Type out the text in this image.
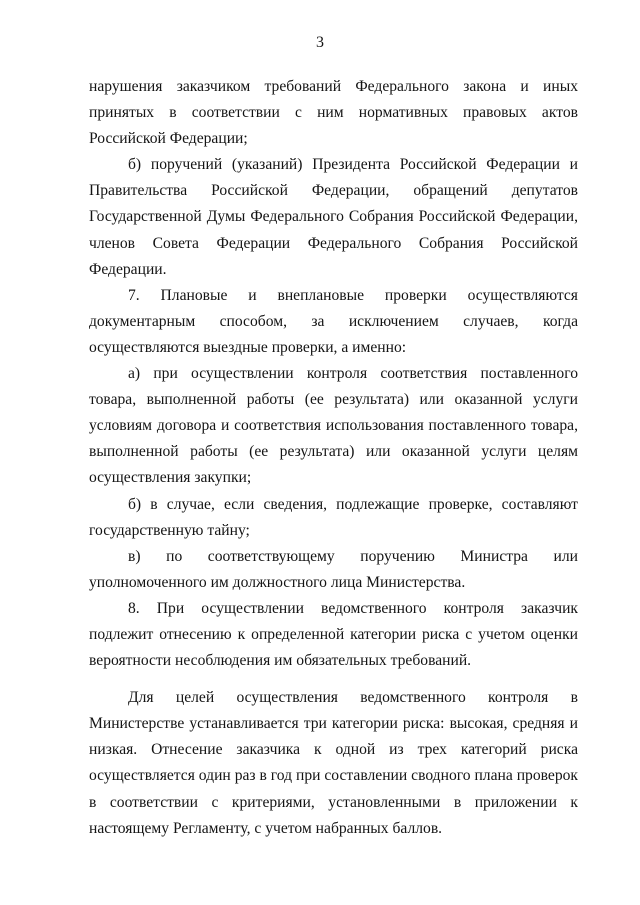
3

нарушения заказчиком требований Федерального закона и иных принятых в соответствии с ним нормативных правовых актов Российской Федерации;

б) поручений (указаний) Президента Российской Федерации и Правительства Российской Федерации, обращений депутатов Государственной Думы Федерального Собрания Российской Федерации, членов Совета Федерации Федерального Собрания Российской Федерации.

7. Плановые и внеплановые проверки осуществляются документарным способом, за исключением случаев, когда осуществляются выездные проверки, а именно:

а) при осуществлении контроля соответствия поставленного товара, выполненной работы (ее результата) или оказанной услуги условиям договора и соответствия использования поставленного товара, выполненной работы (ее результата) или оказанной услуги целям осуществления закупки;

б) в случае, если сведения, подлежащие проверке, составляют государственную тайну;

в) по соответствующему поручению Министра или уполномоченного им должностного лица Министерства.

8. При осуществлении ведомственного контроля заказчик подлежит отнесению к определенной категории риска с учетом оценки вероятности несоблюдения им обязательных требований.

Для целей осуществления ведомственного контроля в Министерстве устанавливается три категории риска: высокая, средняя и низкая. Отнесение заказчика к одной из трех категорий риска осуществляется один раз в год при составлении сводного плана проверок в соответствии с критериями, установленными в приложении к настоящему Регламенту, с учетом набранных баллов.
